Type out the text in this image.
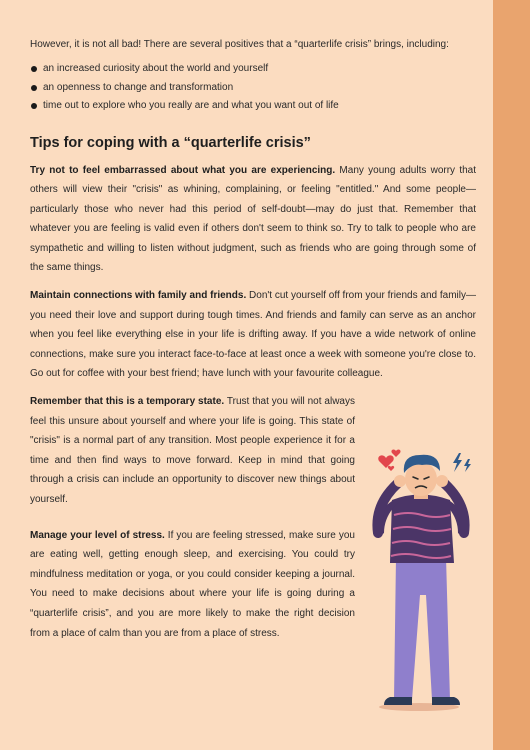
However, it is not all bad! There are several positives that a “quarterlife crisis” brings, including:

an increased curiosity about the world and yourself
an openness to change and transformation
time out to explore who you really are and what you want out of life
Tips for coping with a “quarterlife crisis”

Try not to feel embarrassed about what you are experiencing. Many young adults worry that others will view their "crisis" as whining, complaining, or feeling "entitled." And some people—particularly those who never had this period of self-doubt—may do just that. Remember that whatever you are feeling is valid even if others don't seem to think so. Try to talk to people who are sympathetic and willing to listen without judgment, such as friends who are going through some of the same things.

Maintain connections with family and friends. Don't cut yourself off from your friends and family—you need their love and support during tough times. And friends and family can serve as an anchor when you feel like everything else in your life is drifting away. If you have a wide network of online connections, make sure you interact face-to-face at least once a week with someone you're close to. Go out for coffee with your best friend; have lunch with your favourite colleague.

Remember that this is a temporary state. Trust that you will not always feel this unsure about yourself and where your life is going. This state of "crisis" is a normal part of any transition. Most people experience it for a time and then find ways to move forward. Keep in mind that going through a crisis can include an opportunity to discover new things about yourself.

Manage your level of stress. If you are feeling stressed, make sure you are eating well, getting enough sleep, and exercising. You could try mindfulness meditation or yoga, or you could consider keeping a journal. You need to make decisions about where your life is going during a “quarterlife crisis”, and you are more likely to make the right decision from a place of calm than you are from a place of stress.
